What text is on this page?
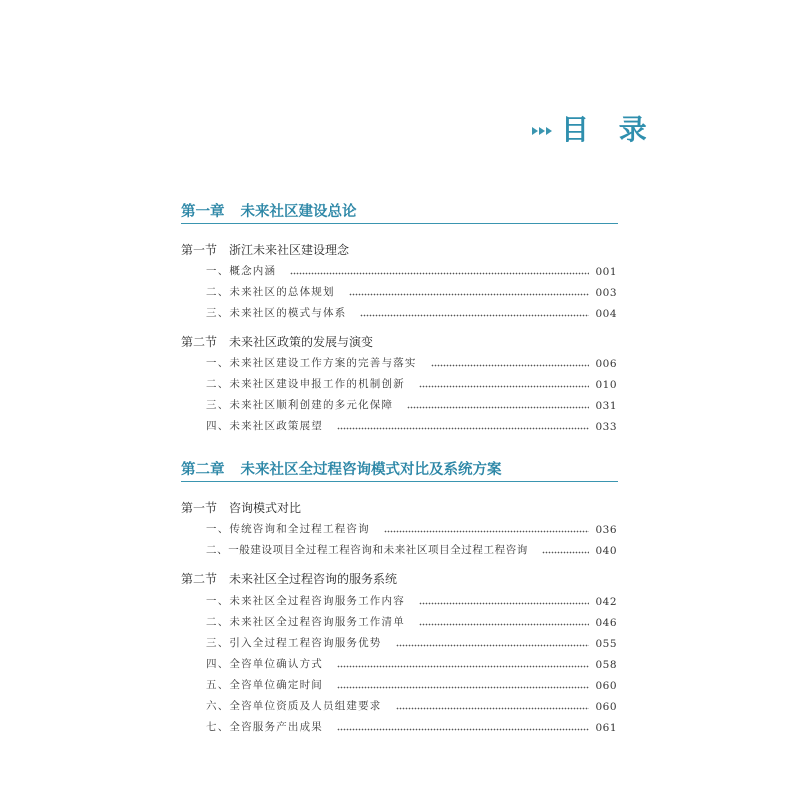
目 录
第一章 未来社区建设总论
第一节 浙江未来社区建设理念
一、概念内涵	001
二、未来社区的总体规划	003
三、未来社区的模式与体系	004
第二节 未来社区政策的发展与演变
一、未来社区建设工作方案的完善与落实	006
二、未来社区建设申报工作的机制创新	010
三、未来社区顺利创建的多元化保障	031
四、未来社区政策展望	033
第二章 未来社区全过程咨询模式对比及系统方案
第一节 咨询模式对比
一、传统咨询和全过程工程咨询	036
二、一般建设项目全过程工程咨询和未来社区项目全过程工程咨询	040
第二节 未来社区全过程咨询的服务系统
一、未来社区全过程咨询服务工作内容	042
二、未来社区全过程咨询服务工作清单	046
三、引入全过程工程咨询服务优势	055
四、全咨单位确认方式	058
五、全咨单位确定时间	060
六、全咨单位资质及人员组建要求	060
七、全咨服务产出成果	061
